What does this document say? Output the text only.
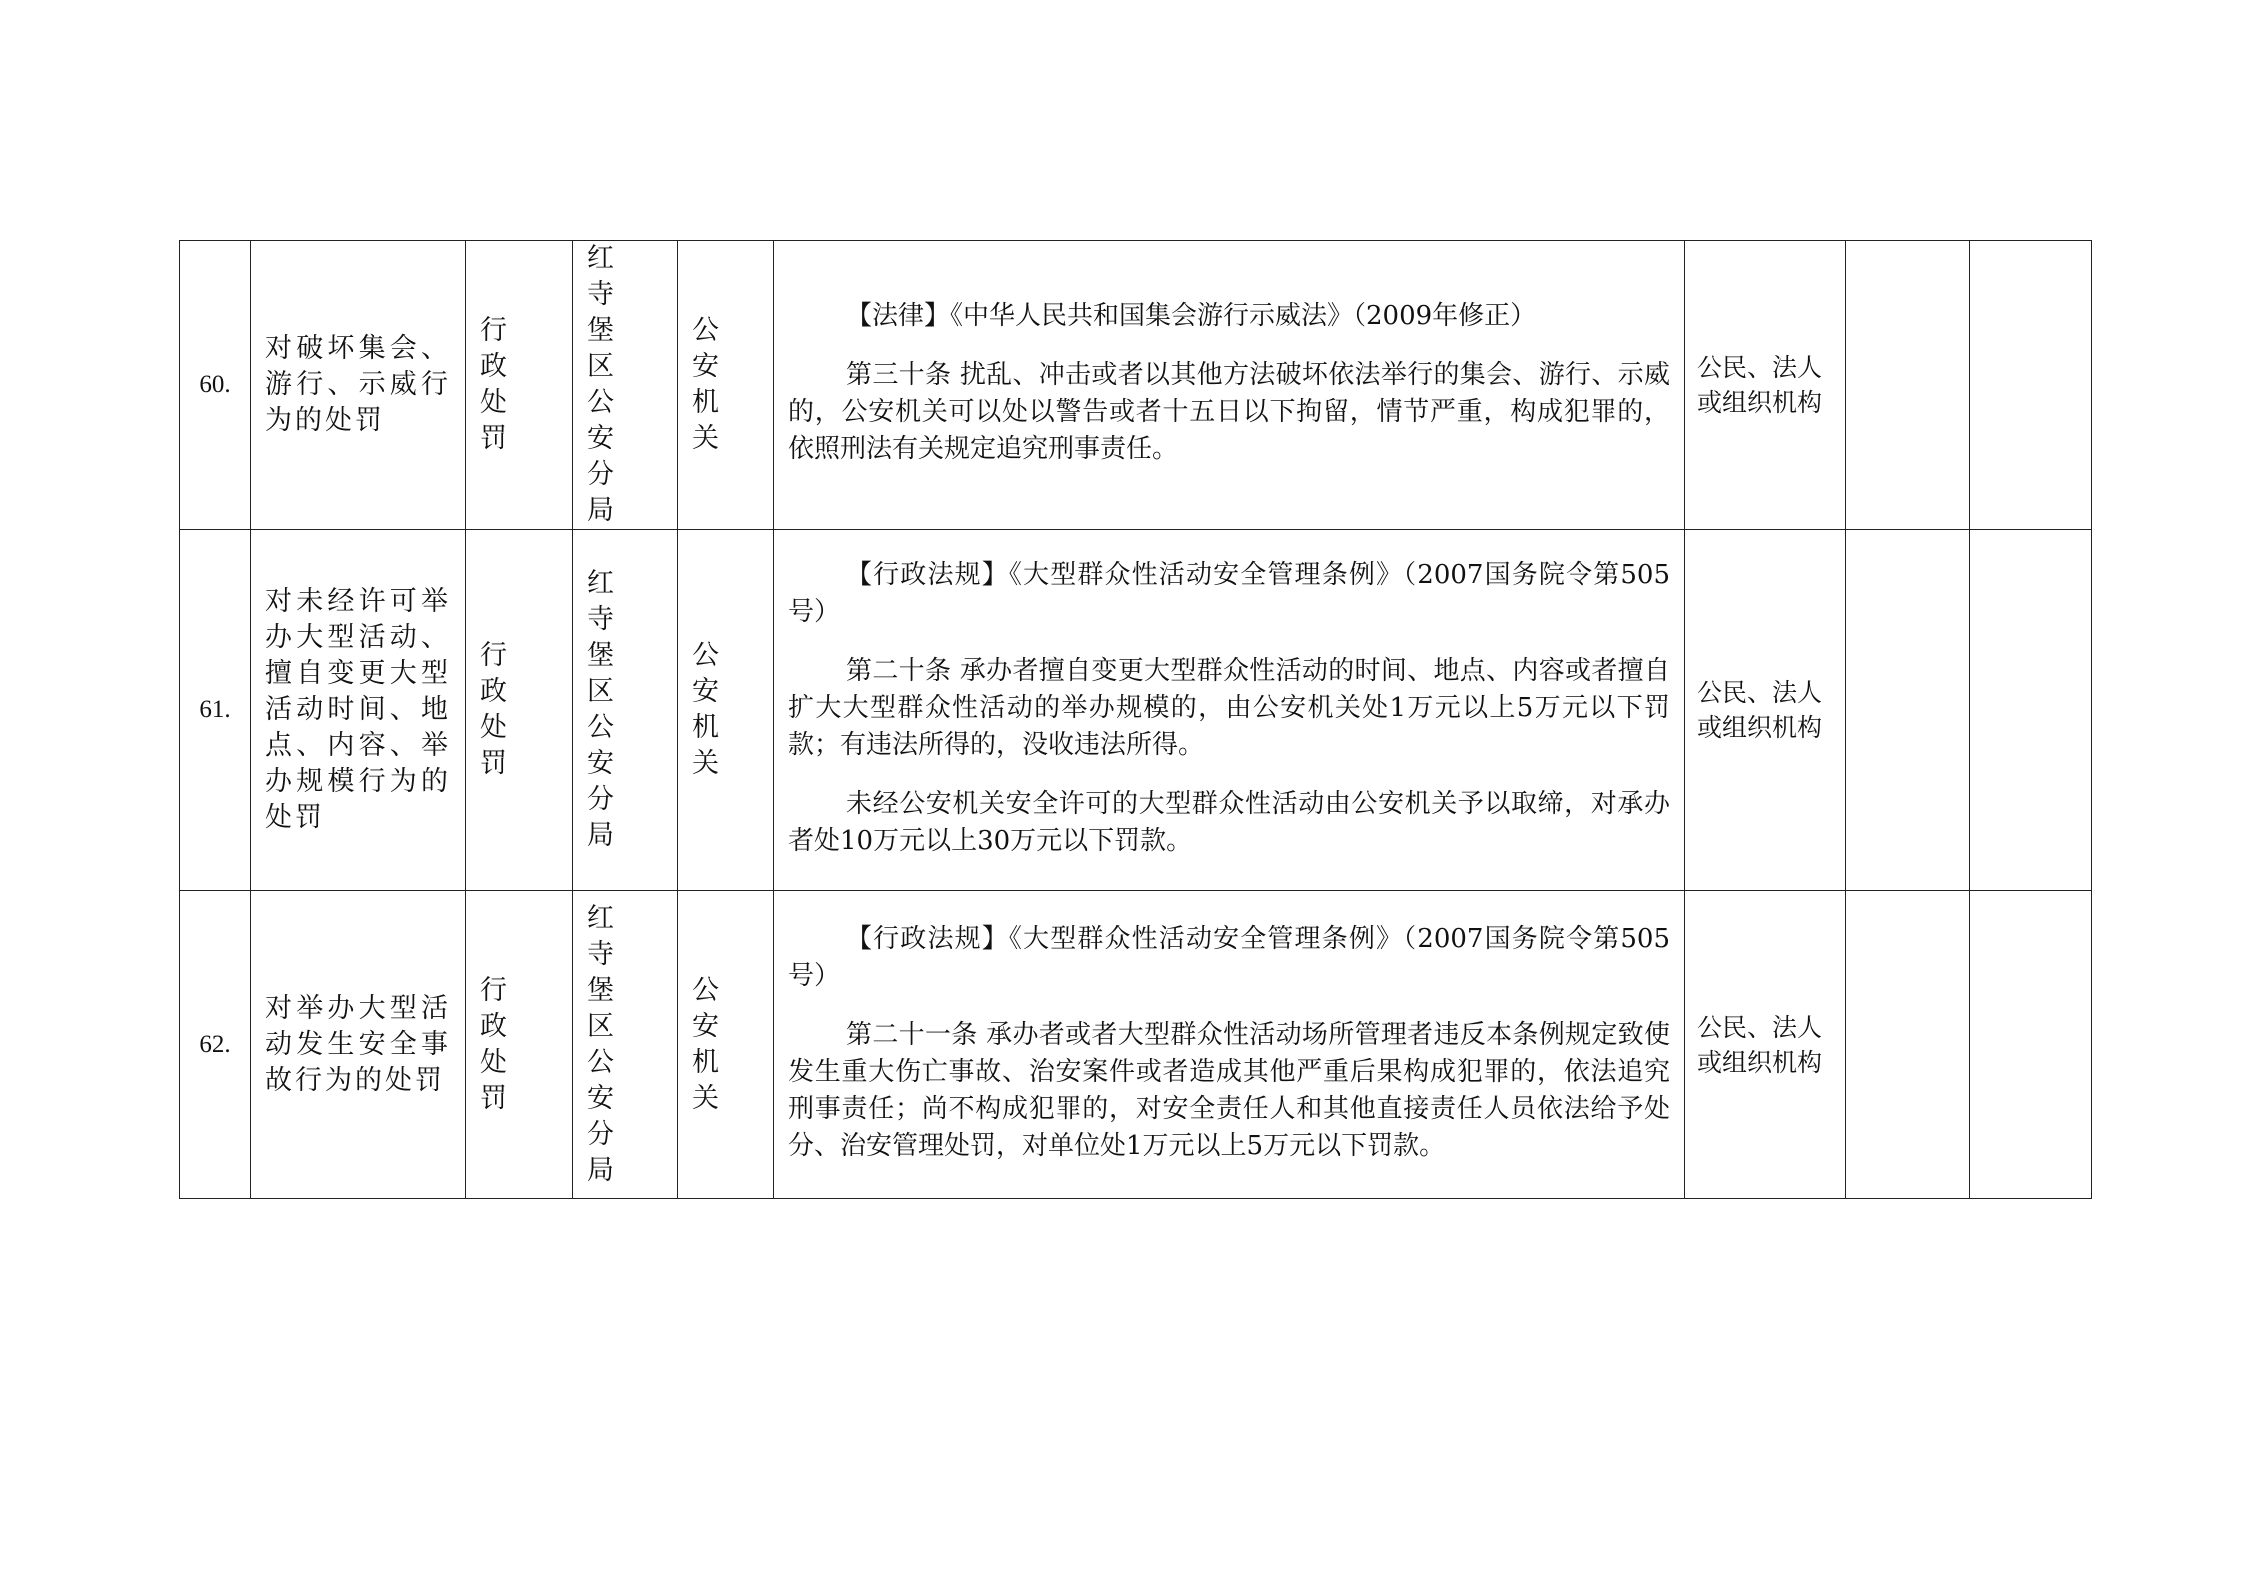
60.	对破坏集会、游行、示威行为的处罚	行政处罚	红寺堡区公安分局	公安机关	【法律】《中华人民共和国集会游行示威法》（2009年修正）

第三十条 扰乱、冲击或者以其他方法破坏依法举行的集会、游行、示威的，公安机关可以处以警告或者十五日以下拘留，情节严重，构成犯罪的，依照刑法有关规定追究刑事责任。	公民、法人或组织机构		
61.	对未经许可举办大型活动、擅自变更大型活动时间、地点、内容、举办规模行为的处罚	行政处罚	红寺堡区公安分局	公安机关	【行政法规】《大型群众性活动安全管理条例》（2007国务院令第505号）

第二十条 承办者擅自变更大型群众性活动的时间、地点、内容或者擅自扩大大型群众性活动的举办规模的，由公安机关处1万元以上5万元以下罚款；有违法所得的，没收违法所得。

未经公安机关安全许可的大型群众性活动由公安机关予以取缔，对承办者处10万元以上30万元以下罚款。	公民、法人或组织机构		
62.	对举办大型活动发生安全事故行为的处罚	行政处罚	红寺堡区公安分局	公安机关	【行政法规】《大型群众性活动安全管理条例》（2007国务院令第505号）

第二十一条 承办者或者大型群众性活动场所管理者违反本条例规定致使发生重大伤亡事故、治安案件或者造成其他严重后果构成犯罪的，依法追究刑事责任；尚不构成犯罪的，对安全责任人和其他直接责任人员依法给予处分、治安管理处罚，对单位处1万元以上5万元以下罚款。	公民、法人或组织机构		
